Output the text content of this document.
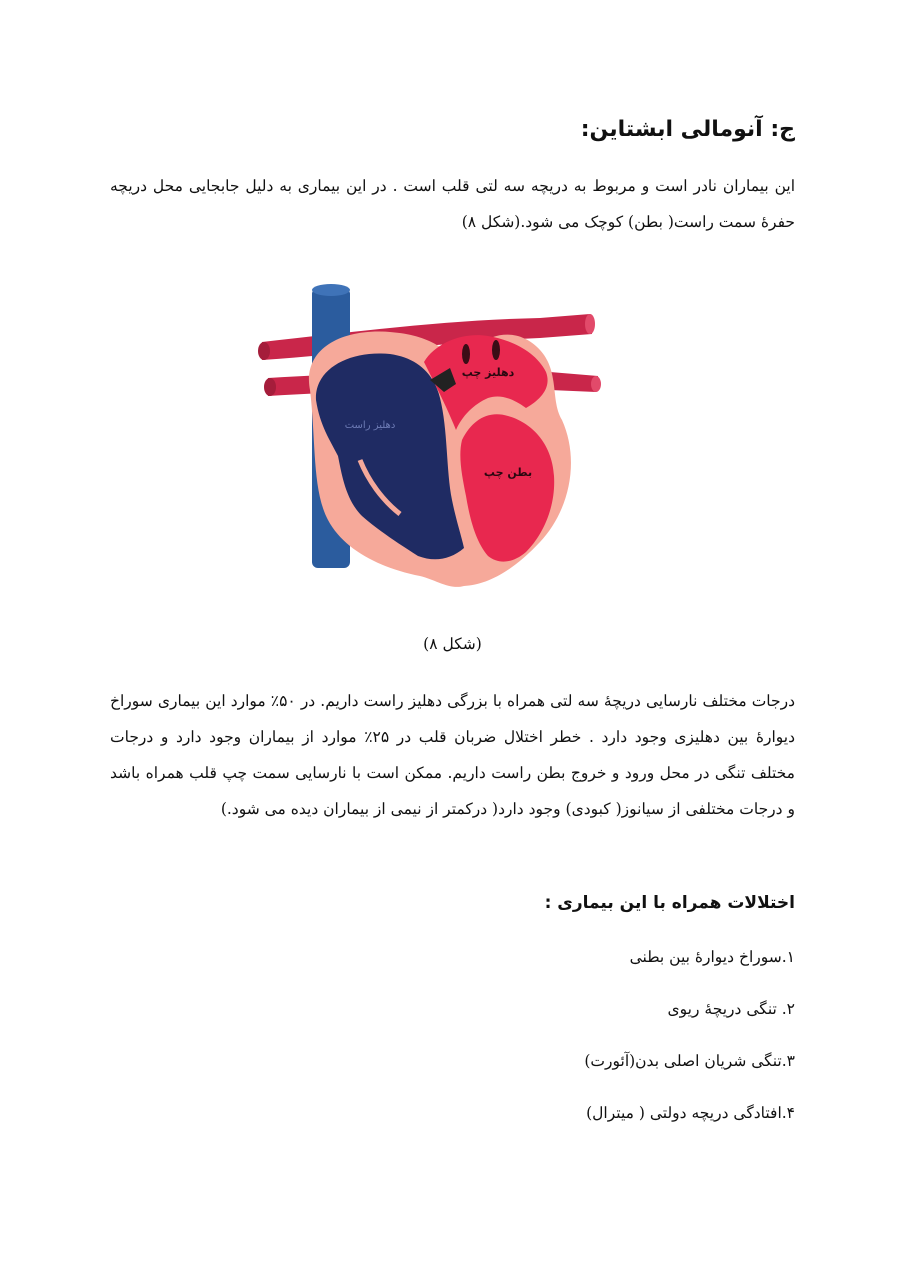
ج: آنومالی ابشتاین:

این بیماران نادر است و مربوط به دریچه سه لتی قلب است . در این بیماری به دلیل جابجایی محل دریچه حفرهٔ سمت راست( بطن) کوچک می شود.(شکل ۸)

دهلیز چپ
دهلیز راست
بطن چپ

(شکل ۸)

درجات مختلف نارسایی دریچهٔ سه لتی همراه با بزرگی دهلیز راست داریم. در ۵۰٪ موارد این بیماری سوراخ دیوارهٔ بین دهلیزی وجود دارد . خطر اختلال ضربان قلب در ۲۵٪ موارد از بیماران وجود دارد و درجات مختلف تنگی در محل ورود و خروج بطن راست داریم. ممکن است با نارسایی سمت چپ قلب همراه باشد و درجات مختلفی از سیانوز( کبودی) وجود دارد( درکمتر از نیمی از بیماران دیده می شود.)

اختلالات همراه با این بیماری :
۱.سوراخ دیوارهٔ بین بطنی
۲. تنگی دریچهٔ ریوی
۳.تنگی شریان اصلی بدن(آئورت)
۴.افتادگی دریچه دولتی ( میترال)
